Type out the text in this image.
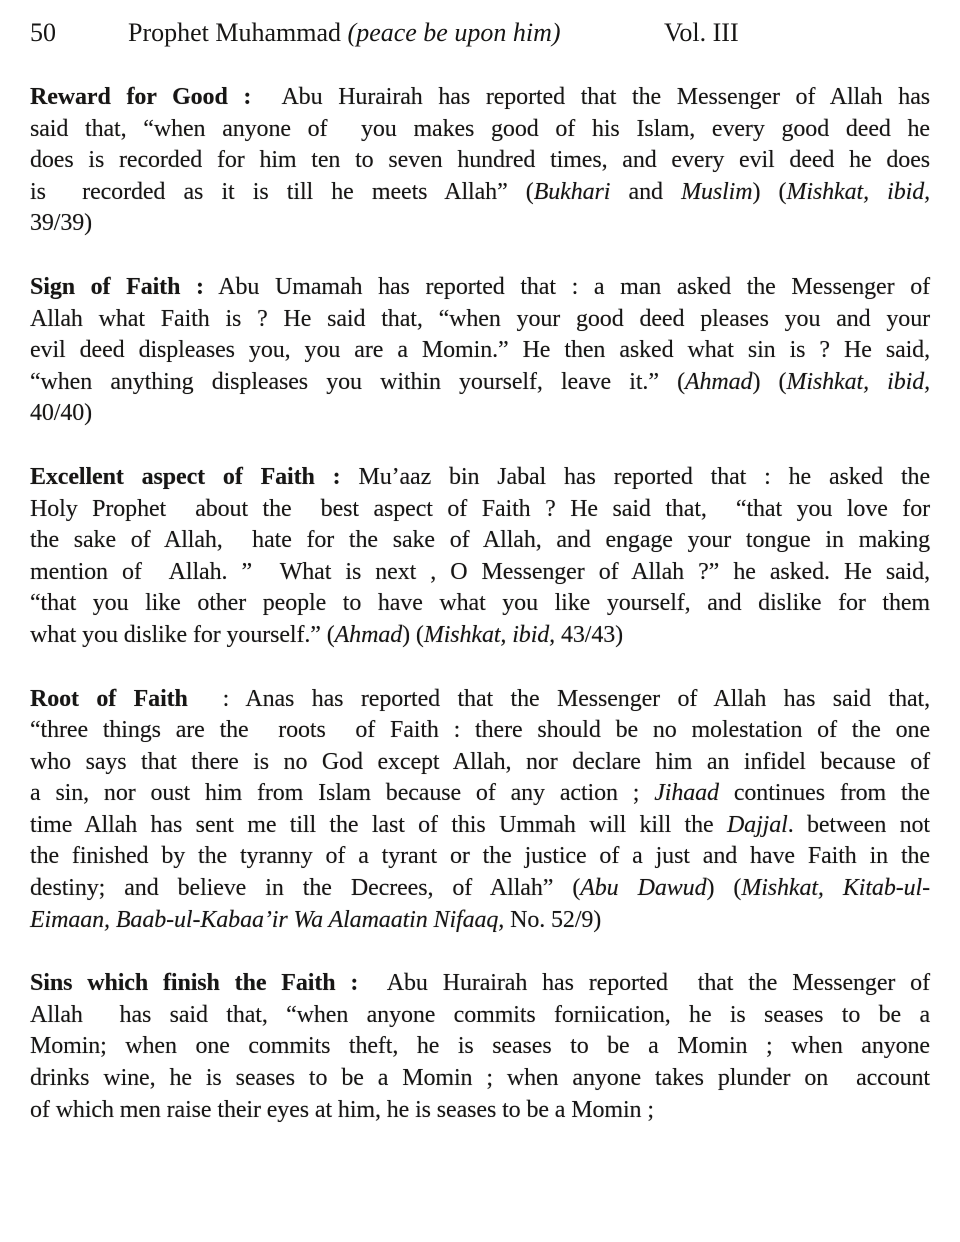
50	Prophet Muhammad (peace be upon him)	Vol. III
Reward for Good :  Abu Hurairah has reported that the Messenger of Allah has
said that, “when anyone of  you makes good of his Islam, every good deed he
does is recorded for him ten to seven hundred times, and every evil deed he does
is  recorded as it is till he meets Allah” (Bukhari and Muslim) (Mishkat, ibid,
39/39)
Sign of Faith : Abu Umamah has reported that : a man asked the Messenger of
Allah what Faith is ? He said that, “when your good deed pleases you and your
evil deed displeases you, you are a Momin.” He then asked what sin is ? He said,
“when anything displeases you within yourself, leave it.” (Ahmad) (Mishkat, ibid,
40/40)
Excellent aspect of Faith : Mu’aaz bin Jabal has reported that : he asked the
Holy Prophet  about the  best aspect of Faith ? He said that,  “that you love for
the sake of Allah,  hate for the sake of Allah, and engage your tongue in making
mention of  Allah. ”  What is next , O Messenger of Allah ?” he asked. He said,
“that you like other people to have what you like yourself, and dislike for them
what you dislike for yourself.” (Ahmad) (Mishkat, ibid, 43/43)
Root of Faith  : Anas has reported that the Messenger of Allah has said that,
“three things are the  roots  of Faith : there should be no molestation of the one
who says that there is no God except Allah, nor declare him an infidel because of
a sin, nor oust him from Islam because of any action ; Jihaad continues from the
time Allah has sent me till the last of this Ummah will kill the Dajjal. between not
the finished by the tyranny of a tyrant or the justice of a just and have Faith in the
destiny; and believe in the Decrees, of Allah” (Abu Dawud) (Mishkat, Kitab-ul-
Eimaan, Baab-ul-Kabaa’ir Wa Alamaatin Nifaaq, No. 52/9)
Sins which finish the Faith :  Abu Hurairah has reported  that the Messenger of
Allah  has said that, “when anyone commits forniication, he is seases to be a
Momin; when one commits theft, he is seases to be a Momin ; when anyone
drinks wine, he is seases to be a Momin ; when anyone takes plunder on  account
of which men raise their eyes at him, he is seases to be a Momin ;
